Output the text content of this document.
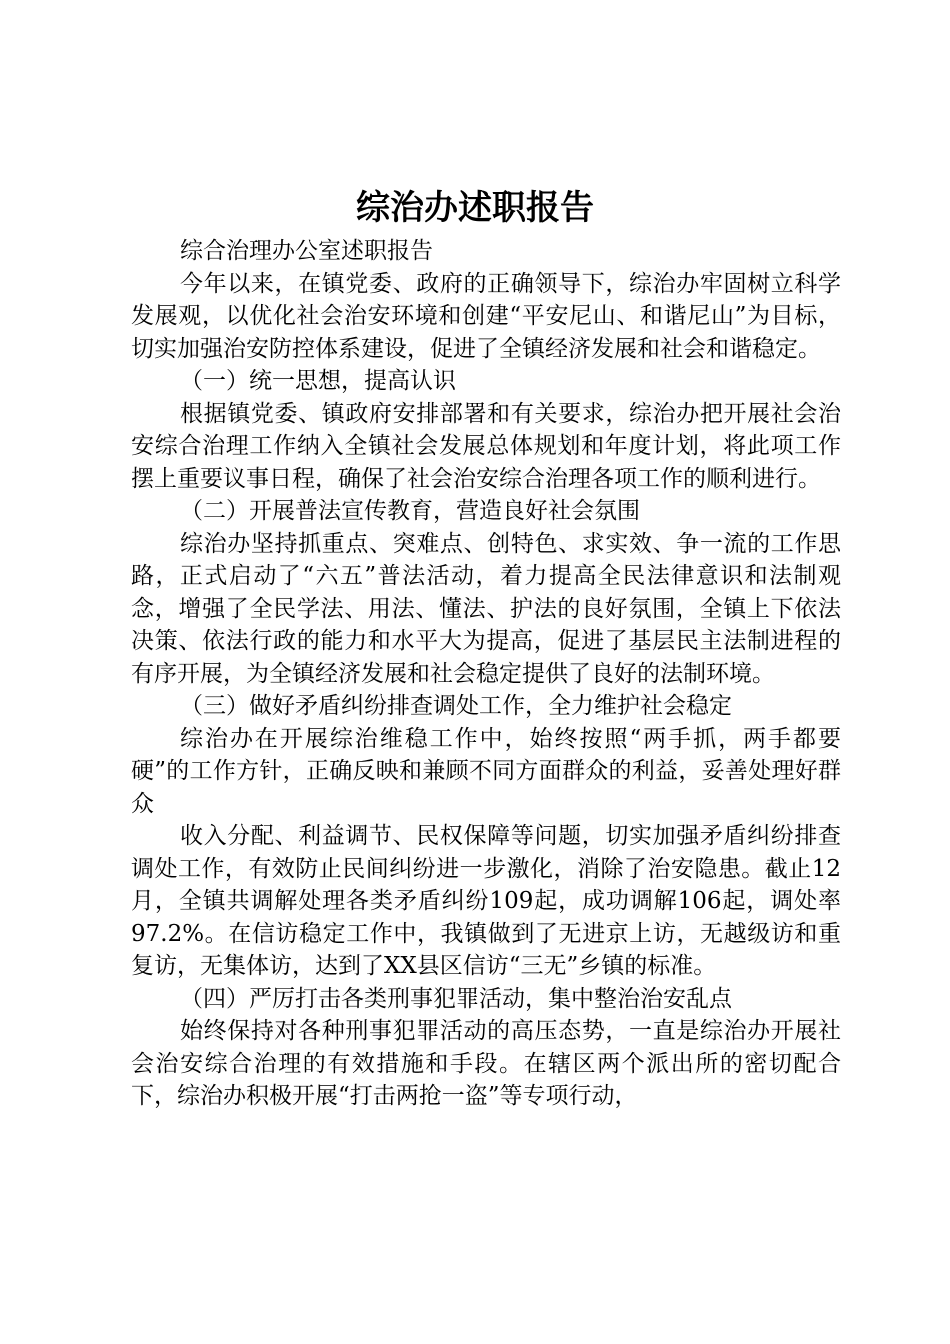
综治办述职报告

综合治理办公室述职报告

今年以来，在镇党委、政府的正确领导下，综治办牢固树立科学发展观，以优化社会治安环境和创建“平安尼山、和谐尼山”为目标，切实加强治安防控体系建设，促进了全镇经济发展和社会和谐稳定。

（一）统一思想，提高认识

根据镇党委、镇政府安排部署和有关要求，综治办把开展社会治安综合治理工作纳入全镇社会发展总体规划和年度计划，将此项工作摆上重要议事日程，确保了社会治安综合治理各项工作的顺利进行。

（二）开展普法宣传教育，营造良好社会氛围

综治办坚持抓重点、突难点、创特色、求实效、争一流的工作思路，正式启动了“六五”普法活动，着力提高全民法律意识和法制观念，增强了全民学法、用法、懂法、护法的良好氛围，全镇上下依法决策、依法行政的能力和水平大为提高，促进了基层民主法制进程的有序开展，为全镇经济发展和社会稳定提供了良好的法制环境。

（三）做好矛盾纠纷排查调处工作，全力维护社会稳定

综治办在开展综治维稳工作中，始终按照“两手抓，两手都要硬”的工作方针，正确反映和兼顾不同方面群众的利益，妥善处理好群众

收入分配、利益调节、民权保障等问题，切实加强矛盾纠纷排查调处工作，有效防止民间纠纷进一步激化，消除了治安隐患。截止12月，全镇共调解处理各类矛盾纠纷109起，成功调解106起，调处率97.2%。在信访稳定工作中，我镇做到了无进京上访，无越级访和重复访，无集体访，达到了XX县区信访“三无”乡镇的标准。

（四）严厉打击各类刑事犯罪活动，集中整治治安乱点

始终保持对各种刑事犯罪活动的高压态势，一直是综治办开展社会治安综合治理的有效措施和手段。在辖区两个派出所的密切配合下，综治办积极开展“打击两抢一盗”等专项行动，
